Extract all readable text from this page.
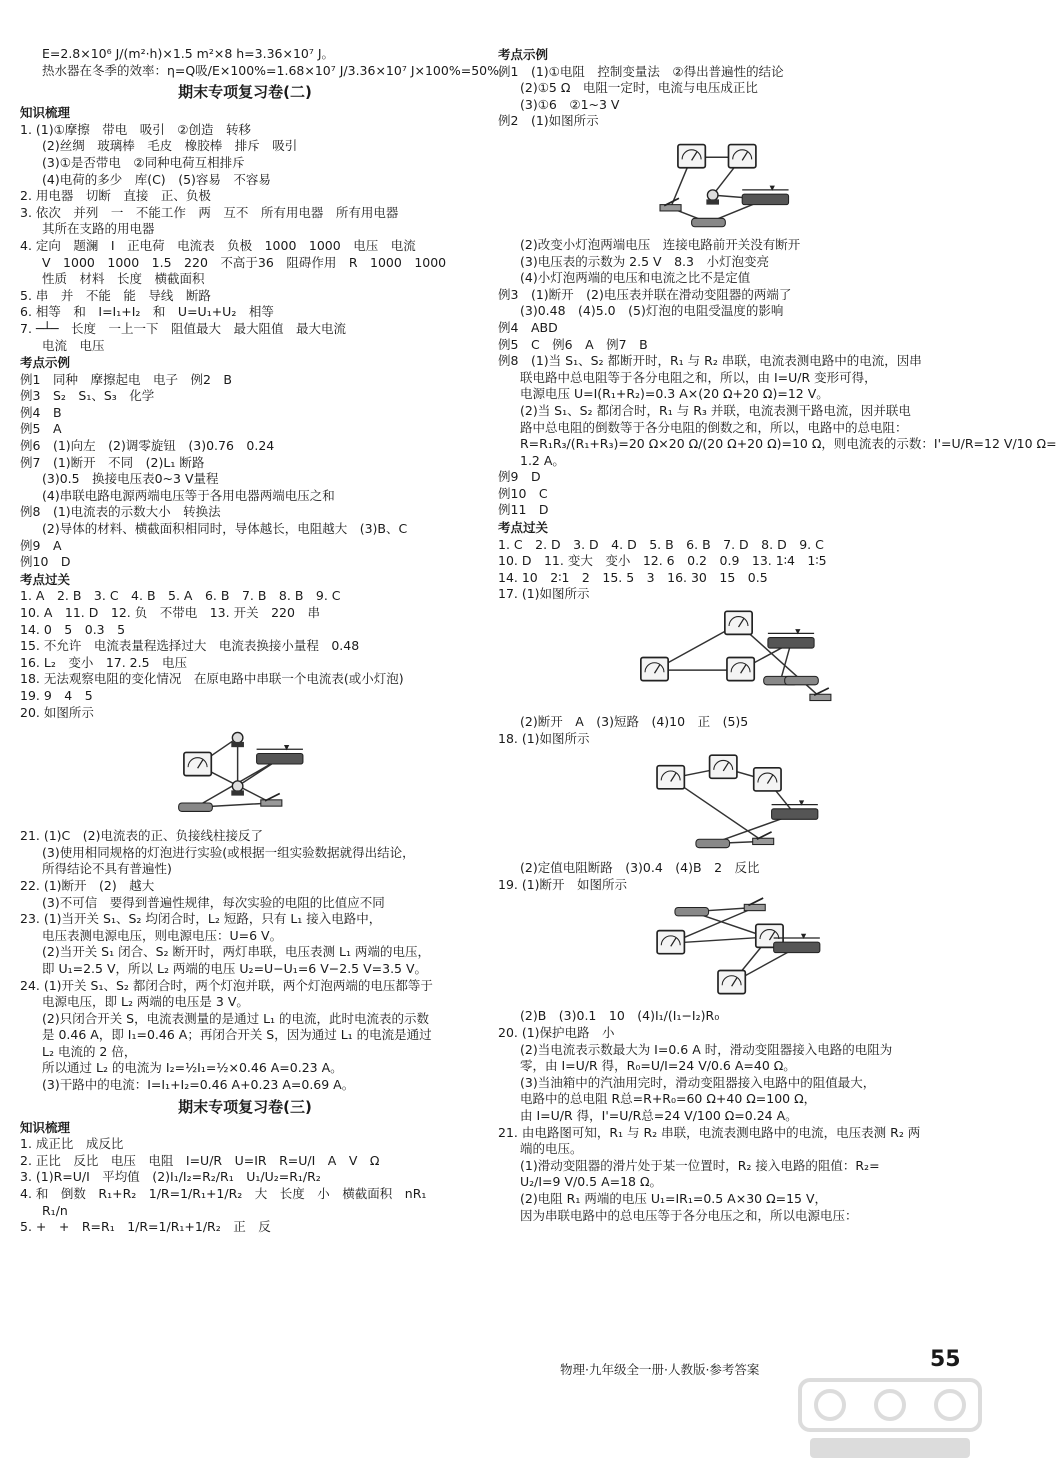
E=2.8×10⁶ J/(m²·h)×1.5 m²×8 h=3.36×10⁷ J。
热水器在冬季的效率：η=Q吸/E×100%=1.68×10⁷ J/3.36×10⁷ J×100%=50%。
期末专项复习卷(二)
知识梳理
1. (1)①摩擦　带电　吸引　②创造　转移
(2)丝绸　玻璃棒　毛皮　橡胶棒　排斥　吸引
(3)①是否带电　②同种电荷互相排斥
(4)电荷的多少　库(C)　(5)容易　不容易
2. 用电器　切断　直接　正、负极
3. 依次　并列　一　不能工作　两　互不　所有用电器　所有用电器
其所在支路的用电器
4. 定向　题澜　I　正电荷　电流表　负极　1000　1000　电压　电流
V　1000　1000　1.5　220　不高于36　阻碍作用　R　1000　1000
性质　材料　长度　横截面积
5. 串　并　不能　能　导线　断路
6. 相等　和　I=I₁+I₂　和　U=U₁+U₂　相等
7. ─┴─　长度　一上一下　阻值最大　最大阻值　最大电流
电流　电压
考点示例
例1　同种　摩擦起电　电子　例2　B
例3　S₂　S₁、S₃　化学
例4　B
例5　A
例6　(1)向左　(2)调零旋钮　(3)0.76　0.24
例7　(1)断开　不同　(2)L₁ 断路
(3)0.5　换接电压表0~3 V量程
(4)串联电路电源两端电压等于各用电器两端电压之和
例8　(1)电流表的示数大小　转换法
(2)导体的材料、横截面积相同时，导体越长，电阻越大　(3)B、C
例9　A
例10　D
考点过关
1. A　2. B　3. C　4. B　5. A　6. B　7. B　8. B　9. C
10. A　11. D　12. 负　不带电　13. 开关　220　串
14. 0　5　0.3　5
15. 不允许　电流表量程选择过大　电流表换接小量程　0.48
16. L₂　变小　17. 2.5　电压
18. 无法观察电阻的变化情况　在原电路中串联一个电流表(或小灯泡)
19. 9　4　5
20. 如图所示
21. (1)C　(2)电流表的正、负接线柱接反了
(3)使用相同规格的灯泡进行实验(或根据一组实验数据就得出结论，
所得结论不具有普遍性)
22. (1)断开　(2)　越大
(3)不可信　要得到普遍性规律，每次实验的电阻的比值应不同
23. (1)当开关 S₁、S₂ 均闭合时，L₂ 短路，只有 L₁ 接入电路中，
电压表测电源电压，则电源电压：U=6 V。
(2)当开关 S₁ 闭合、S₂ 断开时，两灯串联，电压表测 L₁ 两端的电压，
即 U₁=2.5 V，所以 L₂ 两端的电压 U₂=U−U₁=6 V−2.5 V=3.5 V。
24. (1)开关 S₁、S₂ 都闭合时，两个灯泡并联，两个灯泡两端的电压都等于
电源电压，即 L₂ 两端的电压是 3 V。
(2)只闭合开关 S，电流表测量的是通过 L₁ 的电流，此时电流表的示数
是 0.46 A，即 I₁=0.46 A；再闭合开关 S，因为通过 L₁ 的电流是通过
L₂ 电流的 2 倍，
所以通过 L₂ 的电流为 I₂=½I₁=½×0.46 A=0.23 A。
(3)干路中的电流：I=I₁+I₂=0.46 A+0.23 A=0.69 A。
期末专项复习卷(三)
知识梳理
1. 成正比　成反比
2. 正比　反比　电压　电阻　I=U/R　U=IR　R=U/I　A　V　Ω
3. (1)R=U/I　平均值　(2)I₁/I₂=R₂/R₁　U₁/U₂=R₁/R₂
4. 和　倒数　R₁+R₂　1/R=1/R₁+1/R₂　大　长度　小　横截面积　nR₁
R₁/n
5. +　+　R=R₁　1/R=1/R₁+1/R₂　正　反
考点示例
例1　(1)①电阻　控制变量法　②得出普遍性的结论
(2)①5 Ω　电阻一定时，电流与电压成正比
(3)①6　②1~3 V
例2　(1)如图所示
(2)改变小灯泡两端电压　连接电路前开关没有断开
(3)电压表的示数为 2.5 V　8.3　小灯泡变亮
(4)小灯泡两端的电压和电流之比不是定值
例3　(1)断开　(2)电压表并联在滑动变阻器的两端了
(3)0.48　(4)5.0　(5)灯泡的电阻受温度的影响
例4　ABD
例5　C　例6　A　例7　B
例8　(1)当 S₁、S₂ 都断开时，R₁ 与 R₂ 串联，电流表测电路中的电流，因串
联电路中总电阻等于各分电阻之和，所以，由 I=U/R 变形可得，
电源电压 U=I(R₁+R₂)=0.3 A×(20 Ω+20 Ω)=12 V。
(2)当 S₁、S₂ 都闭合时，R₁ 与 R₃ 并联，电流表测干路电流，因并联电
路中总电阻的倒数等于各分电阻的倒数之和，所以，电路中的总电阻：
R=R₁R₃/(R₁+R₃)=20 Ω×20 Ω/(20 Ω+20 Ω)=10 Ω，则电流表的示数：I'=U/R=12 V/10 Ω=
1.2 A。
例9　D
例10　C
例11　D
考点过关
1. C　2. D　3. D　4. D　5. B　6. B　7. D　8. D　9. C
10. D　11. 变大　变小　12. 6　0.2　0.9　13. 1∶4　1∶5
14. 10　2∶1　2　15. 5　3　16. 30　15　0.5
17. (1)如图所示
(2)断开　A　(3)短路　(4)10　正　(5)5
18. (1)如图所示
(2)定值电阻断路　(3)0.4　(4)B　2　反比
19. (1)断开　如图所示
(2)B　(3)0.1　10　(4)I₁/(I₁−I₂)R₀
20. (1)保护电路　小
(2)当电流表示数最大为 I=0.6 A 时，滑动变阻器接入电路的电阻为
零，由 I=U/R 得，R₀=U/I=24 V/0.6 A=40 Ω。
(3)当油箱中的汽油用完时，滑动变阻器接入电路中的阻值最大，
电路中的总电阻 R总=R+R₀=60 Ω+40 Ω=100 Ω，
由 I=U/R 得，I'=U/R总=24 V/100 Ω=0.24 A。
21. 由电路图可知，R₁ 与 R₂ 串联，电流表测电路中的电流，电压表测 R₂ 两
端的电压。
(1)滑动变阻器的滑片处于某一位置时，R₂ 接入电路的阻值：R₂=
U₂/I=9 V/0.5 A=18 Ω。
(2)电阻 R₁ 两端的电压 U₁=IR₁=0.5 A×30 Ω=15 V，
因为串联电路中的总电压等于各分电压之和，所以电源电压：
物理·九年级全一册·人教版·参考答案	55
